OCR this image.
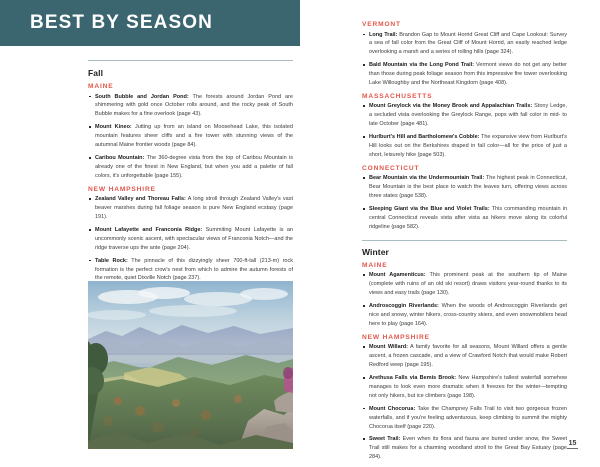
BEST BY SEASON
Fall
MAINE
South Bubble and Jordan Pond: The forests around Jordan Pond are shimmering with gold once October rolls around, and the rocky peak of South Bubble makes for a fine overlook (page 43).
Mount Kineo: Jutting up from an island on Moosehead Lake, this isolated mountain features sheer cliffs and a fire tower with stunning views of the autumnal Maine frontier woods (page 84).
Caribou Mountain: The 360-degree vista from the top of Caribou Mountain is already one of the finest in New England, but when you add a palette of fall colors, it's unforgettable (page 155).
NEW HAMPSHIRE
Zealand Valley and Thoreau Falls: A long stroll through Zealand Valley's vast beaver marshes during fall foliage season is pure New England ecstasy (page 191).
Mount Lafayette and Franconia Ridge: Summiting Mount Lafayette is an uncommonly scenic ascent, with spectacular views of Franconia Notch—and the ridge traverse ups the ante (page 204).
Table Rock: The pinnacle of this dizzyingly sheer 700-ft-tall (213-m) rock formation is the perfect crow's nest from which to admire the autumn forests of the remote, quiet Dixville Notch (page 237).
VERMONT
Long Trail: Brandon Gap to Mount Horrid Great Cliff and Cape Lookout: Survey a sea of fall color from the Great Cliff of Mount Horrid, an easily reached ledge overlooking a marsh and a series of rolling hills (page 324).
Bald Mountain via the Long Pond Trail: Vermont views do not get any better than those during peak foliage season from this impressive fire tower overlooking Lake Willoughby and the Northeast Kingdom (page 408).
MASSACHUSETTS
Mount Greylock via the Money Brook and Appalachian Trails: Stony Ledge, a secluded vista overlooking the Greylock Range, pops with fall color in mid- to late October (page 481).
Hurlburt's Hill and Bartholomew's Cobble: The expansive view from Hurlburt's Hill looks out on the Berkshires draped in fall color—all for the price of just a short, leisurely hike (page 503).
CONNECTICUT
Bear Mountain via the Undermountain Trail: The highest peak in Connecticut, Bear Mountain is the best place to watch the leaves turn, offering views across three states (page 538).
Sleeping Giant via the Blue and Violet Trails: This commanding mountain in central Connecticut reveals vista after vista as hikers move along its colorful ridgeline (page 582).
Winter
MAINE
Mount Agamenticus: This prominent peak at the southern tip of Maine (complete with ruins of an old ski resort) draws visitors year-round thanks to its views and easy trails (page 130).
Androscoggin Riverlands: When the woods of Androscoggin Riverlands get nice and snowy, winter hikers, cross-country skiers, and even snowmobilers head here to play (page 164).
NEW HAMPSHIRE
Mount Willard: A family favorite for all seasons, Mount Willard offers a gentle ascent, a frozen cascade, and a view of Crawford Notch that would make Robert Redford weep (page 195).
Arethusa Falls via Bemis Brook: New Hampshire's tallest waterfall somehow manages to look even more dramatic when it freezes for the winter—tempting not only hikers, but ice climbers (page 198).
Mount Chocorua: Take the Champney Falls Trail to visit two gorgeous frozen waterfalls, and if you're feeling adventurous, keep climbing to summit the mighty Chocorua itself (page 220).
Sweet Trail: Even when its flora and fauna are buried under snow, the Sweet Trail still makes for a charming woodland stroll to the Great Bay Estuary (page 284).
15
